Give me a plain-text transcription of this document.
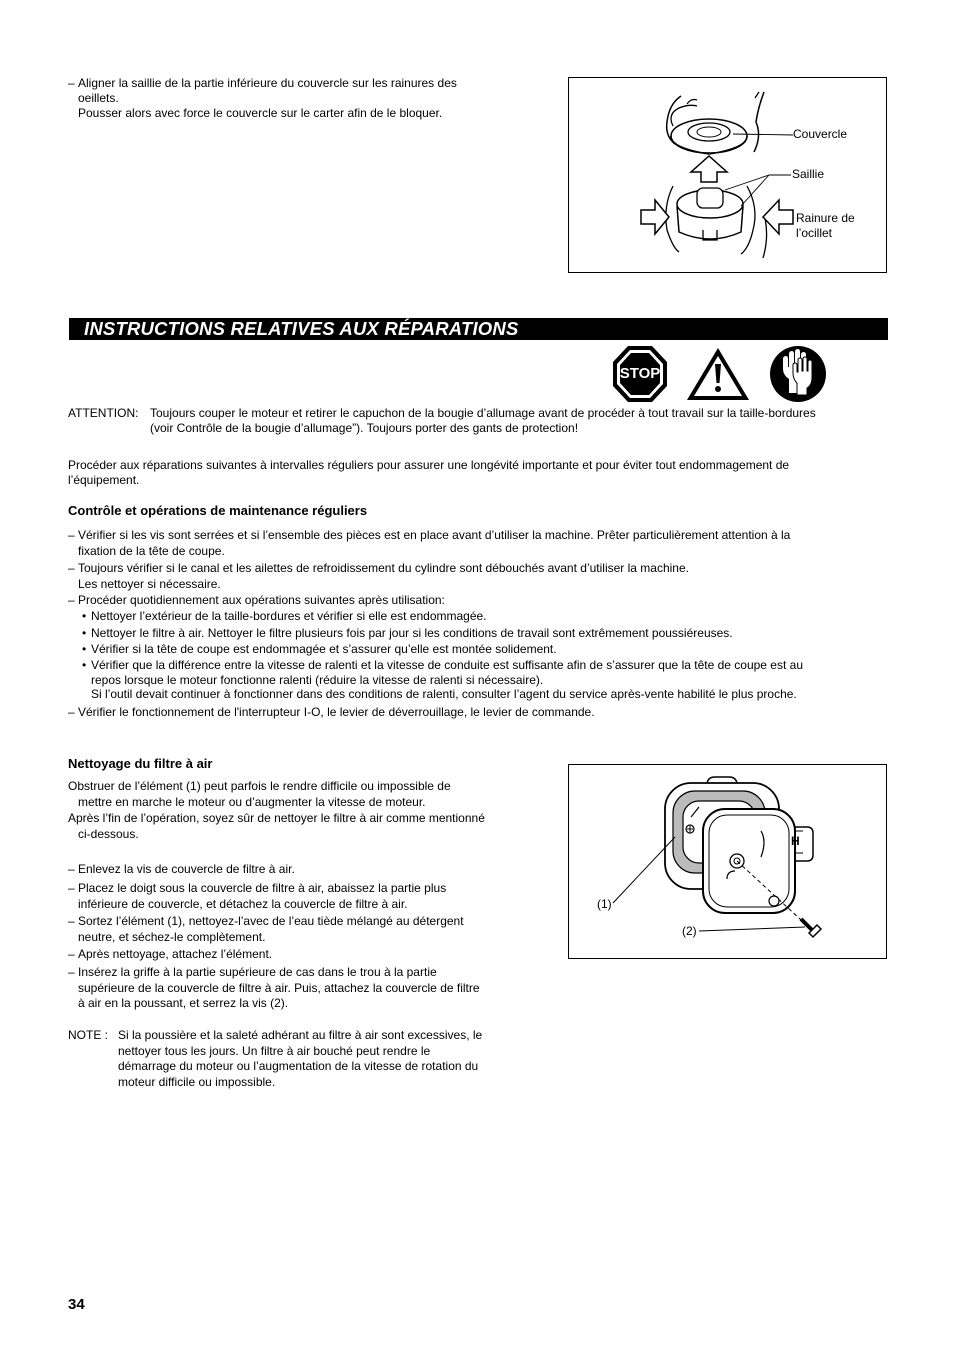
– Aligner la saillie de la partie inférieure du couvercle sur les rainures des
oeillets.
Pousser alors avec force le couvercle sur le carter afin de le bloquer.
Couvercle
Saillie
Rainure de
l’ocillet
INSTRUCTIONS RELATIVES AUX RÉPARATIONS
STOP
ATTENTION: Toujours couper le moteur et retirer le capuchon de la bougie d’allumage avant de procéder à tout travail sur la taille-bordures
(voir Contrôle de la bougie d’allumage”). Toujours porter des gants de protection!
Procéder aux réparations suivantes à intervalles réguliers pour assurer une longévité importante et pour éviter tout endommagement de
l’équipement.
Contrôle et opérations de maintenance réguliers
– Vérifier si les vis sont serrées et si l’ensemble des pièces est en place avant d’utiliser la machine. Prêter particulièrement attention à la
fixation de la tête de coupe.
– Toujours vérifier si le canal et les ailettes de refroidissement du cylindre sont débouchés avant d’utiliser la machine.
Les nettoyer si nécessaire.
– Procéder quotidiennement aux opérations suivantes après utilisation:
• Nettoyer l’extérieur de la taille-bordures et vérifier si elle est endommagée.
• Nettoyer le filtre à air. Nettoyer le filtre plusieurs fois par jour si les conditions de travail sont extrêmement poussiéreuses.
• Vérifier si la tête de coupe est endommagée et s’assurer qu’elle est montée solidement.
• Vérifier que la différence entre la vitesse de ralenti et la vitesse de conduite est suffisante afin de s’assurer que la tête de coupe est au
repos lorsque le moteur fonctionne ralenti (réduire la vitesse de ralenti si nécessaire).
Si l’outil devait continuer à fonctionner dans des conditions de ralenti, consulter l’agent du service après-vente habilité le plus proche.
– Vérifier le fonctionnement de l'interrupteur I-O, le levier de déverrouillage, le levier de commande.
Nettoyage du filtre à air
Obstruer de l’élément (1) peut parfois le rendre difficile ou impossible de
mettre en marche le moteur ou d’augmenter la vitesse de moteur.
Après l’fin de l’opération, soyez sûr de nettoyer le filtre à air comme mentionné
ci-dessous.
– Enlevez la vis de couvercle de filtre à air.
– Placez le doigt sous la couvercle de filtre à air, abaissez la partie plus
inférieure de couvercle, et détachez la couvercle de filtre à air.
– Sortez l’élément (1), nettoyez-l’avec de l’eau tiède mélangé au détergent
neutre, et séchez-le complètement.
– Après nettoyage, attachez l’élément.
– Insérez la griffe à la partie supérieure de cas dans le trou à la partie
supérieure de la couvercle de filtre à air. Puis, attachez la couvercle de filtre
à air en la poussant, et serrez la vis (2).
NOTE : Si la poussière et la saleté adhérant au filtre à air sont excessives, le
nettoyer tous les jours. Un filtre à air bouché peut rendre le
démarrage du moteur ou l’augmentation de la vitesse de rotation du
moteur difficile ou impossible.
H
(1)
(2)
34
